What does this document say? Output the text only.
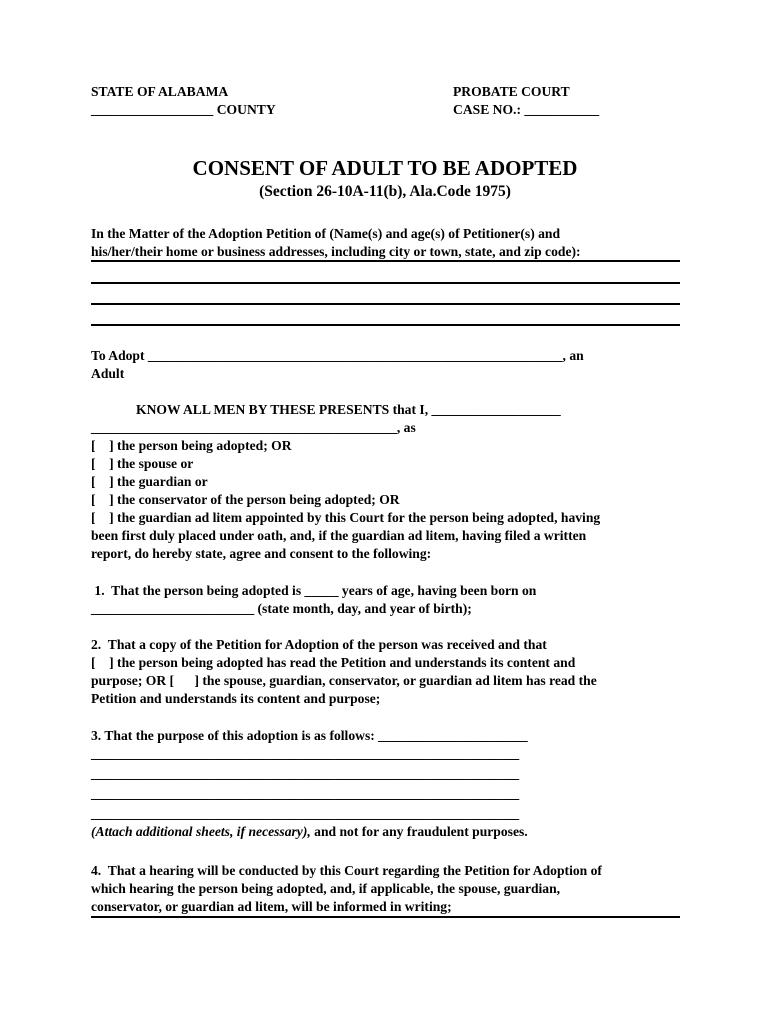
STATE OF ALABAMA
__________________ COUNTY
PROBATE COURT
CASE NO.: ___________
CONSENT OF ADULT TO BE ADOPTED
(Section 26-10A-11(b), Ala.Code 1975)
In the Matter of the Adoption Petition of (Name(s) and age(s) of Petitioner(s) and
his/her/their home or business addresses, including city or town, state, and zip code):
To Adopt _____________________________________________________________, an
Adult
KNOW ALL MEN BY THESE PRESENTS that I, ___________________
_____________________________________________, as
[    ] the person being adopted; OR
[    ] the spouse or
[    ] the guardian or
[    ] the conservator of the person being adopted; OR
[    ] the guardian ad litem appointed by this Court for the person being adopted, having
been first duly placed under oath, and, if the guardian ad litem, having filed a written
report, do hereby state, agree and consent to the following:
1.  That the person being adopted is _____ years of age, having been born on
________________________ (state month, day, and year of birth);
2.  That a copy of the Petition for Adoption of the person was received and that
[    ] the person being adopted has read the Petition and understands its content and
purpose; OR [      ] the spouse, guardian, conservator, or guardian ad litem has read the
Petition and understands its content and purpose;
3. That the purpose of this adoption is as follows: ______________________
_______________________________________________________________
_______________________________________________________________
_______________________________________________________________
_______________________________________________________________
(Attach additional sheets, if necessary), and not for any fraudulent purposes.
4.  That a hearing will be conducted by this Court regarding the Petition for Adoption of
which hearing the person being adopted, and, if applicable, the spouse, guardian,
conservator, or guardian ad litem, will be informed in writing;
